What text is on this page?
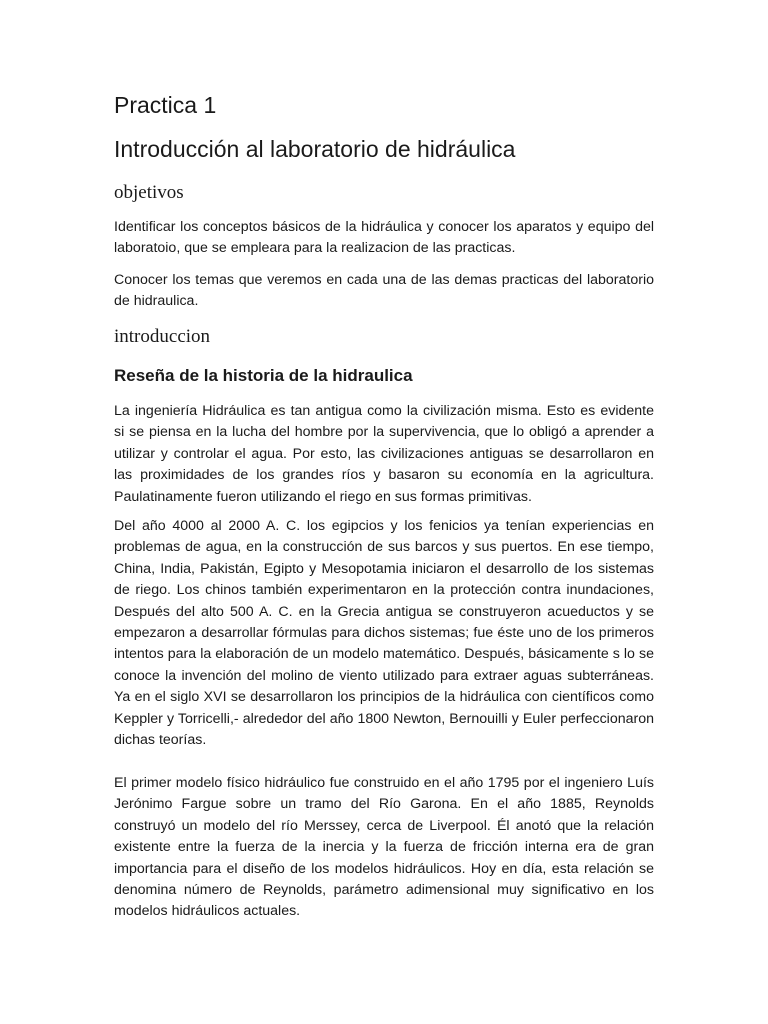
Practica 1
Introducción al laboratorio de hidráulica
objetivos

Identificar los conceptos básicos de la hidráulica y conocer los aparatos y equipo del laboratoio, que se empleara para la realizacion de las practicas.

Conocer los temas que veremos en cada una de las demas practicas del laboratorio de hidraulica.

introduccion
Reseña de la historia de la hidraulica

La ingeniería Hidráulica es tan antigua como la civilización misma. Esto es evidente si se piensa en la lucha del hombre por la supervivencia, que lo obligó a aprender a utilizar y controlar el agua. Por esto, las civilizaciones antiguas se desarrollaron en las proximidades de los grandes ríos y basaron su economía en la agricultura. Paulatinamente fueron utilizando el riego en sus formas primitivas.

Del año 4000 al 2000 A. C. los egipcios y los fenicios ya tenían experiencias en problemas de agua, en la construcción de sus barcos y sus puertos. En ese tiempo, China, India, Pakistán, Egipto y Mesopotamia iniciaron el desarrollo de los sistemas de riego. Los chinos también experimentaron en la protección contra inundaciones, Después del alto 500 A. C. en la Grecia antigua se construyeron acueductos y se empezaron a desarrollar fórmulas para dichos sistemas; fue éste uno de los primeros intentos para la elaboración de un modelo matemático. Después, básicamente s lo se conoce la invención del molino de viento utilizado para extraer aguas subterráneas. Ya en el siglo XVI se desarrollaron los principios de la hidráulica con científicos como Keppler y Torricelli,- alrededor del año 1800 Newton, Bernouilli y Euler perfeccionaron dichas teorías.

El primer modelo físico hidráulico fue construido en el año 1795 por el ingeniero Luís Jerónimo Fargue sobre un tramo del Río Garona. En el año 1885, Reynolds construyó un modelo del río Merssey, cerca de Liverpool. Él anotó que la relación existente entre la fuerza de la inercia y la fuerza de fricción interna era de gran importancia para el diseño de los modelos hidráulicos. Hoy en día, esta relación se denomina número de Reynolds, parámetro adimensional muy significativo en los modelos hidráulicos actuales.
